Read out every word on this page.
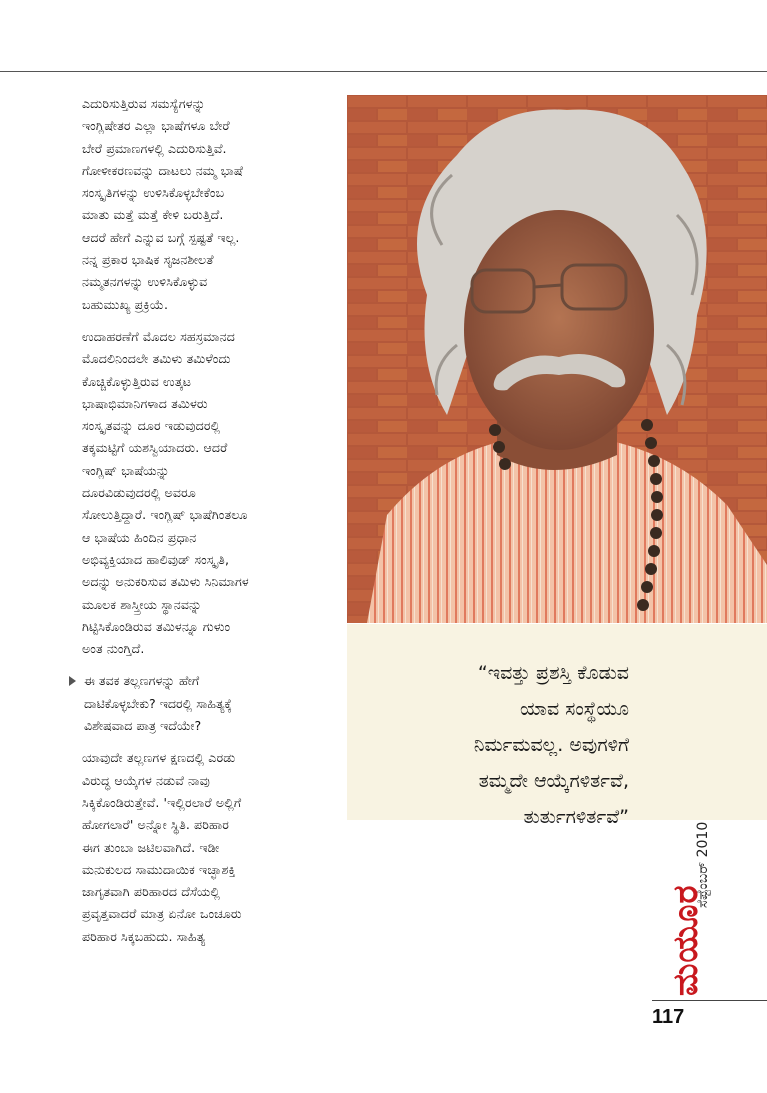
ಎದುರಿಸುತ್ತಿರುವ ಸಮಸ್ಯೆಗಳನ್ನು
ಇಂಗ್ಲಿಷೇತರ ಎಲ್ಲಾ ಭಾಷೆಗಳೂ ಬೇರೆ
ಬೇರೆ ಪ್ರಮಾಣಗಳಲ್ಲಿ ಎದುರಿಸುತ್ತಿವೆ.
ಗೋಳೀಕರಣವನ್ನು ದಾಟಲು ನಮ್ಮ ಭಾಷೆ
ಸಂಸ್ಕೃತಿಗಳನ್ನು ಉಳಿಸಿಕೊಳ್ಳಬೇಕೆಂಬ
ಮಾತು ಮತ್ತೆ ಮತ್ತೆ ಕೇಳಿ ಬರುತ್ತಿದೆ.
ಆದರೆ ಹೇಗೆ ಎನ್ನುವ ಬಗ್ಗೆ ಸ್ಪಷ್ಟತೆ ಇಲ್ಲ.
ನನ್ನ ಪ್ರಕಾರ ಭಾಷಿಕ ಸೃಜನಶೀಲತೆ
ನಮ್ಮತನಗಳನ್ನು ಉಳಿಸಿಕೊಳ್ಳುವ
ಬಹುಮುಖ್ಯ ಪ್ರಕ್ರಿಯೆ.

ಉದಾಹರಣೆಗೆ ಮೊದಲ ಸಹಸ್ರಮಾನದ
ಮೊದಲಿನಿಂದಲೇ ತಮಿಳು ತಮಿಳೆಂದು
ಕೊಚ್ಚಿಕೊಳ್ಳುತ್ತಿರುವ ಉತ್ಕಟ
ಭಾಷಾಭಿಮಾನಿಗಳಾದ ತಮಿಳರು
ಸಂಸ್ಕೃತವನ್ನು ದೂರ ಇಡುವುದರಲ್ಲಿ
ತಕ್ಕಮಟ್ಟಿಗೆ ಯಶಸ್ವಿಯಾದರು. ಆದರೆ
ಇಂಗ್ಲಿಷ್ ಭಾಷೆಯನ್ನು
ದೂರವಿಡುವುದರಲ್ಲಿ ಅವರೂ
ಸೋಲುತ್ತಿದ್ದಾರೆ. ಇಂಗ್ಲಿಷ್ ಭಾಷೆಗಿಂತಲೂ
ಆ ಭಾಷೆಯ ಹಿಂದಿನ ಪ್ರಧಾನ
ಅಭಿವ್ಯಕ್ತಿಯಾದ ಹಾಲಿವುಡ್ ಸಂಸ್ಕೃತಿ,
ಅದನ್ನು ಅನುಕರಿಸುವ ತಮಿಳು ಸಿನಿಮಾಗಳ
ಮೂಲಕ ಶಾಸ್ತ್ರೀಯ ಸ್ಥಾನವನ್ನು
ಗಿಟ್ಟಿಸಿಕೊಂಡಿರುವ ತಮಿಳನ್ನೂ ಗುಳುಂ
ಅಂತ ನುಂಗ್ತಿದೆ.

ಈ ತವಕ ತಲ್ಲಣಗಳನ್ನು ಹೇಗೆ
ದಾಟಿಕೊಳ್ಳಬೇಕು? ಇದರಲ್ಲಿ ಸಾಹಿತ್ಯಕ್ಕೆ
ವಿಶೇಷವಾದ ಪಾತ್ರ ಇದೆಯೇ?

ಯಾವುದೇ ತಲ್ಲಣಗಳ ಕ್ಷಣದಲ್ಲಿ ಎರಡು
ವಿರುದ್ಧ ಆಯ್ಕೆಗಳ ನಡುವೆ ನಾವು
ಸಿಕ್ಕಿಕೊಂಡಿರುತ್ತೇವೆ. 'ಇಲ್ಲಿರಲಾರೆ ಅಲ್ಲಿಗೆ
ಹೋಗಲಾರೆ' ಅನ್ನೋ ಸ್ಥಿತಿ. ಪರಿಹಾರ
ಈಗ ತುಂಬಾ ಜಟಿಲವಾಗಿದೆ. ಇಡೀ
ಮನುಕುಲದ ಸಾಮುದಾಯಿಕ ಇಚ್ಛಾಶಕ್ತಿ
ಜಾಗೃತವಾಗಿ ಪರಿಹಾರದ ದೆಸೆಯಲ್ಲಿ
ಪ್ರವೃತ್ತವಾದರೆ ಮಾತ್ರ ಏನೋ ಒಂಚೂರು
ಪರಿಹಾರ ಸಿಕ್ಕಬಹುದು. ಸಾಹಿತ್ಯ

“ಇವತ್ತು ಪ್ರಶಸ್ತಿ ಕೊಡುವ
ಯಾವ ಸಂಸ್ಥೆಯೂ
ನಿರ್ಮಮವಲ್ಲ. ಅವುಗಳಿಗೆ
ತಮ್ಮದೇ ಆಯ್ಕೆಗಳಿರ್ತವೆ,
ತುರ್ತುಗಳಿರ್ತವೆ”
ಸೆಪ್ಟೆಂಬರ್ 2010
ಮಯೂರ
117
